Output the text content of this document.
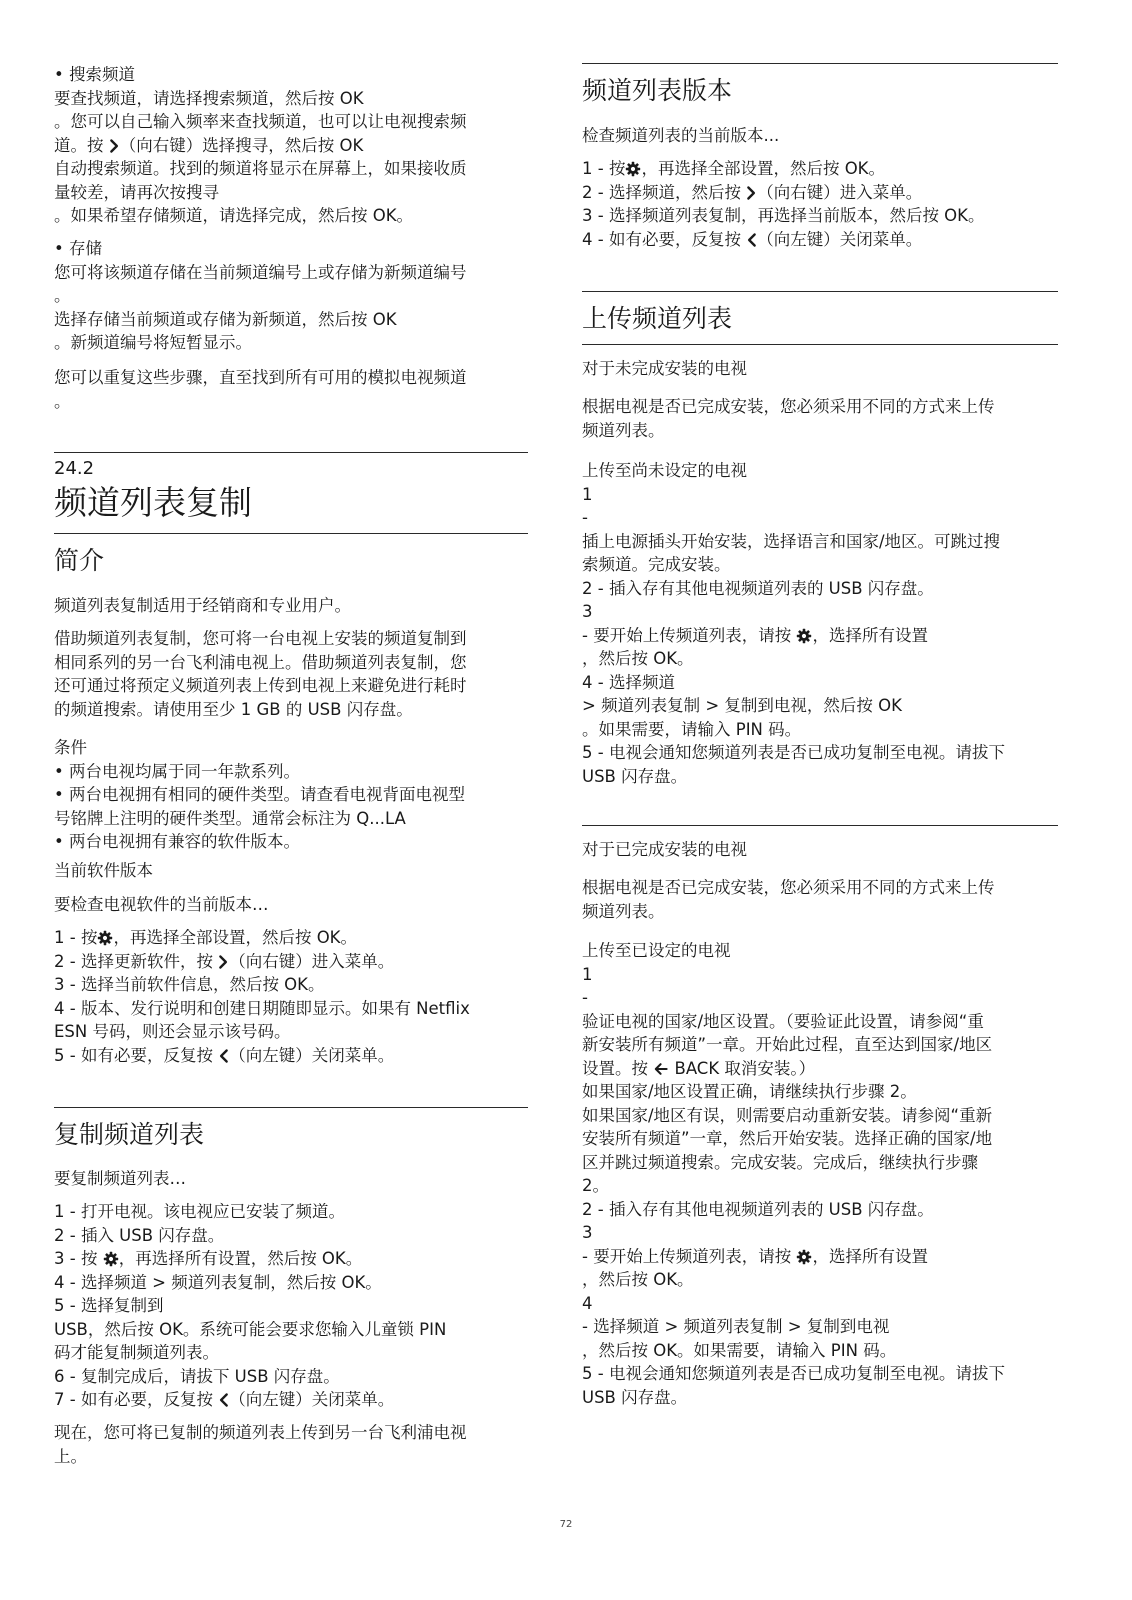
• 搜索频道
要查找频道，请选择搜索频道，然后按 OK
。您可以自己输入频率来查找频道，也可以让电视搜索频
道。按
（向右键）选择搜寻，然后按 OK
自动搜索频道。找到的频道将显示在屏幕上，如果接收质
量较差，请再次按搜寻
。如果希望存储频道，请选择完成，然后按 OK。
• 存储
您可将该频道存储在当前频道编号上或存储为新频道编号
。
选择存储当前频道或存储为新频道，然后按 OK
。新频道编号将短暂显示。
您可以重复这些步骤，直至找到所有可用的模拟电视频道
。
24.2
频道列表复制
简介
频道列表复制适用于经销商和专业用户。
借助频道列表复制，您可将一台电视上安装的频道复制到
相同系列的另一台飞利浦电视上。借助频道列表复制，您
还可通过将预定义频道列表上传到电视上来避免进行耗时
的频道搜索。请使用至少 1 GB 的 USB 闪存盘。
条件
• 两台电视均属于同一年款系列。
• 两台电视拥有相同的硬件类型。请查看电视背面电视型
号铭牌上注明的硬件类型。通常会标注为 Q...LA
• 两台电视拥有兼容的软件版本。
当前软件版本
要检查电视软件的当前版本…
1 - 按 ，再选择全部设置，然后按 OK。
2 - 选择更新软件，按
（向右键）进入菜单。
3 - 选择当前软件信息，然后按 OK。
4 - 版本、发行说明和创建日期随即显示。如果有 Netflix
ESN 号码，则还会显示该号码。
5 - 如有必要，反复按
（向左键）关闭菜单。
复制频道列表
要复制频道列表…
1 - 打开电视。该电视应已安装了频道。
2 - 插入 USB 闪存盘。
3 - 按
，再选择所有设置，然后按 OK。
4 - 选择频道 > 频道列表复制，然后按 OK。
5 - 选择复制到
USB，然后按 OK。系统可能会要求您输入儿童锁 PIN
码才能复制频道列表。
6 - 复制完成后，请拔下 USB 闪存盘。
7 - 如有必要，反复按
（向左键）关闭菜单。
现在，您可将已复制的频道列表上传到另一台飞利浦电视
上。
频道列表版本
检查频道列表的当前版本...
1 - 按 ，再选择全部设置，然后按 OK。
2 - 选择频道，然后按
（向右键）进入菜单。
3 - 选择频道列表复制，再选择当前版本，然后按 OK。
4 - 如有必要，反复按
（向左键）关闭菜单。
上传频道列表
对于未完成安装的电视
根据电视是否已完成安装，您必须采用不同的方式来上传
频道列表。
上传至尚未设定的电视
1
-
插上电源插头开始安装，选择语言和国家/地区。可跳过搜
索频道。完成安装。
2 - 插入存有其他电视频道列表的 USB 闪存盘。
3
- 要开始上传频道列表，请按
，选择所有设置
，然后按 OK。
4 - 选择频道
> 频道列表复制 > 复制到电视，然后按 OK
。如果需要，请输入 PIN 码。
5 - 电视会通知您频道列表是否已成功复制至电视。请拔下
USB 闪存盘。
对于已完成安装的电视
根据电视是否已完成安装，您必须采用不同的方式来上传
频道列表。
上传至已设定的电视
1
-
验证电视的国家/地区设置。（要验证此设置，请参阅“重
新安装所有频道”一章。开始此过程，直至达到国家/地区
设置。按
BACK 取消安装。）
如果国家/地区设置正确，请继续执行步骤 2。
如果国家/地区有误，则需要启动重新安装。请参阅“重新
安装所有频道”一章，然后开始安装。选择正确的国家/地
区并跳过频道搜索。完成安装。完成后，继续执行步骤
2。
2 - 插入存有其他电视频道列表的 USB 闪存盘。
3
- 要开始上传频道列表，请按
，选择所有设置
，然后按 OK。
4
- 选择频道 > 频道列表复制 > 复制到电视
，然后按 OK。如果需要，请输入 PIN 码。
5 - 电视会通知您频道列表是否已成功复制至电视。请拔下
USB 闪存盘。
72
